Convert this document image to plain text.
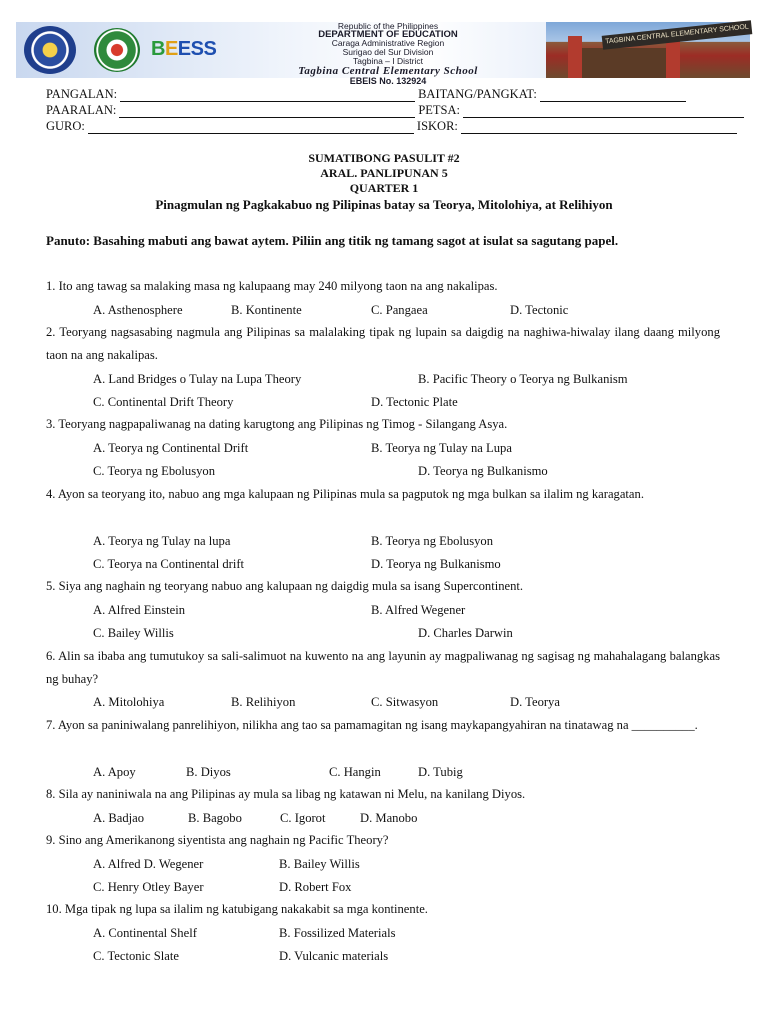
BEESS
Republic of the Philippines
DEPARTMENT OF EDUCATION
Caraga Administrative Region
Surigao del Sur Division
Tagbina – I District
Tagbina Central Elementary School
EBEIS No. 132924
TAGBINA CENTRAL ELEMENTARY SCHOOL
PANGALAN:	BAITANG/PANGKAT:
PAARALAN:	PETSA:
GURO:	ISKOR:
SUMATIBONG PASULIT #2
ARAL. PANLIPUNAN 5
QUARTER 1
Pinagmulan ng Pagkakabuo ng Pilipinas batay sa Teorya, Mitolohiya, at Relihiyon
Panuto: Basahing mabuti ang bawat aytem. Piliin ang titik ng tamang sagot at isulat sa sagutang papel.
1. Ito ang tawag sa malaking masa ng kalupaang may 240 milyong taon na ang nakalipas.
A. Asthenosphere	B. Kontinente	C. Pangaea	D. Tectonic
2. Teoryang nagsasabing nagmula ang Pilipinas sa malalaking tipak ng lupain sa daigdig na naghiwa-hiwalay ilang daang milyong taon na ang nakalipas.
A. Land Bridges o Tulay na Lupa Theory	B. Pacific Theory o Teorya ng Bulkanism
C. Continental Drift Theory	D. Tectonic Plate
3. Teoryang nagpapaliwanag na dating karugtong ang Pilipinas ng Timog - Silangang Asya.
A. Teorya ng Continental Drift	B. Teorya ng Tulay na Lupa
C. Teorya ng Ebolusyon	D. Teorya ng Bulkanismo
4. Ayon sa teoryang ito, nabuo ang mga kalupaan ng Pilipinas mula sa pagputok ng mga bulkan sa ilalim ng karagatan.
A. Teorya ng Tulay na lupa	B. Teorya ng Ebolusyon
C. Teorya na Continental drift	D. Teorya ng Bulkanismo
5. Siya ang naghain ng teoryang nabuo ang kalupaan ng daigdig mula sa isang Supercontinent.
A. Alfred Einstein	B. Alfred Wegener
C. Bailey Willis	D. Charles Darwin
6. Alin sa ibaba ang tumutukoy sa sali-salimuot na kuwento na ang layunin ay magpaliwanag ng sagisag ng mahahalagang balangkas ng buhay?
A. Mitolohiya	B. Relihiyon	C. Sitwasyon	D. Teorya
7. Ayon sa paniniwalang panrelihiyon, nilikha ang tao sa pamamagitan ng isang maykapangyahiran na tinatawag na __________.
A. Apoy	B. Diyos	C. Hangin	D. Tubig
8. Sila ay naniniwala na ang Pilipinas ay mula sa libag ng katawan ni Melu, na kanilang Diyos.
A. Badjao	B. Bagobo	C. Igorot	D. Manobo
9. Sino ang Amerikanong siyentista ang naghain ng Pacific Theory?
A. Alfred D. Wegener	B. Bailey Willis
C. Henry Otley Bayer	D. Robert Fox
10. Mga tipak ng lupa sa ilalim ng katubigang nakakabit sa mga kontinente.
A. Continental Shelf	B. Fossilized Materials
C. Tectonic Slate	D. Vulcanic materials
